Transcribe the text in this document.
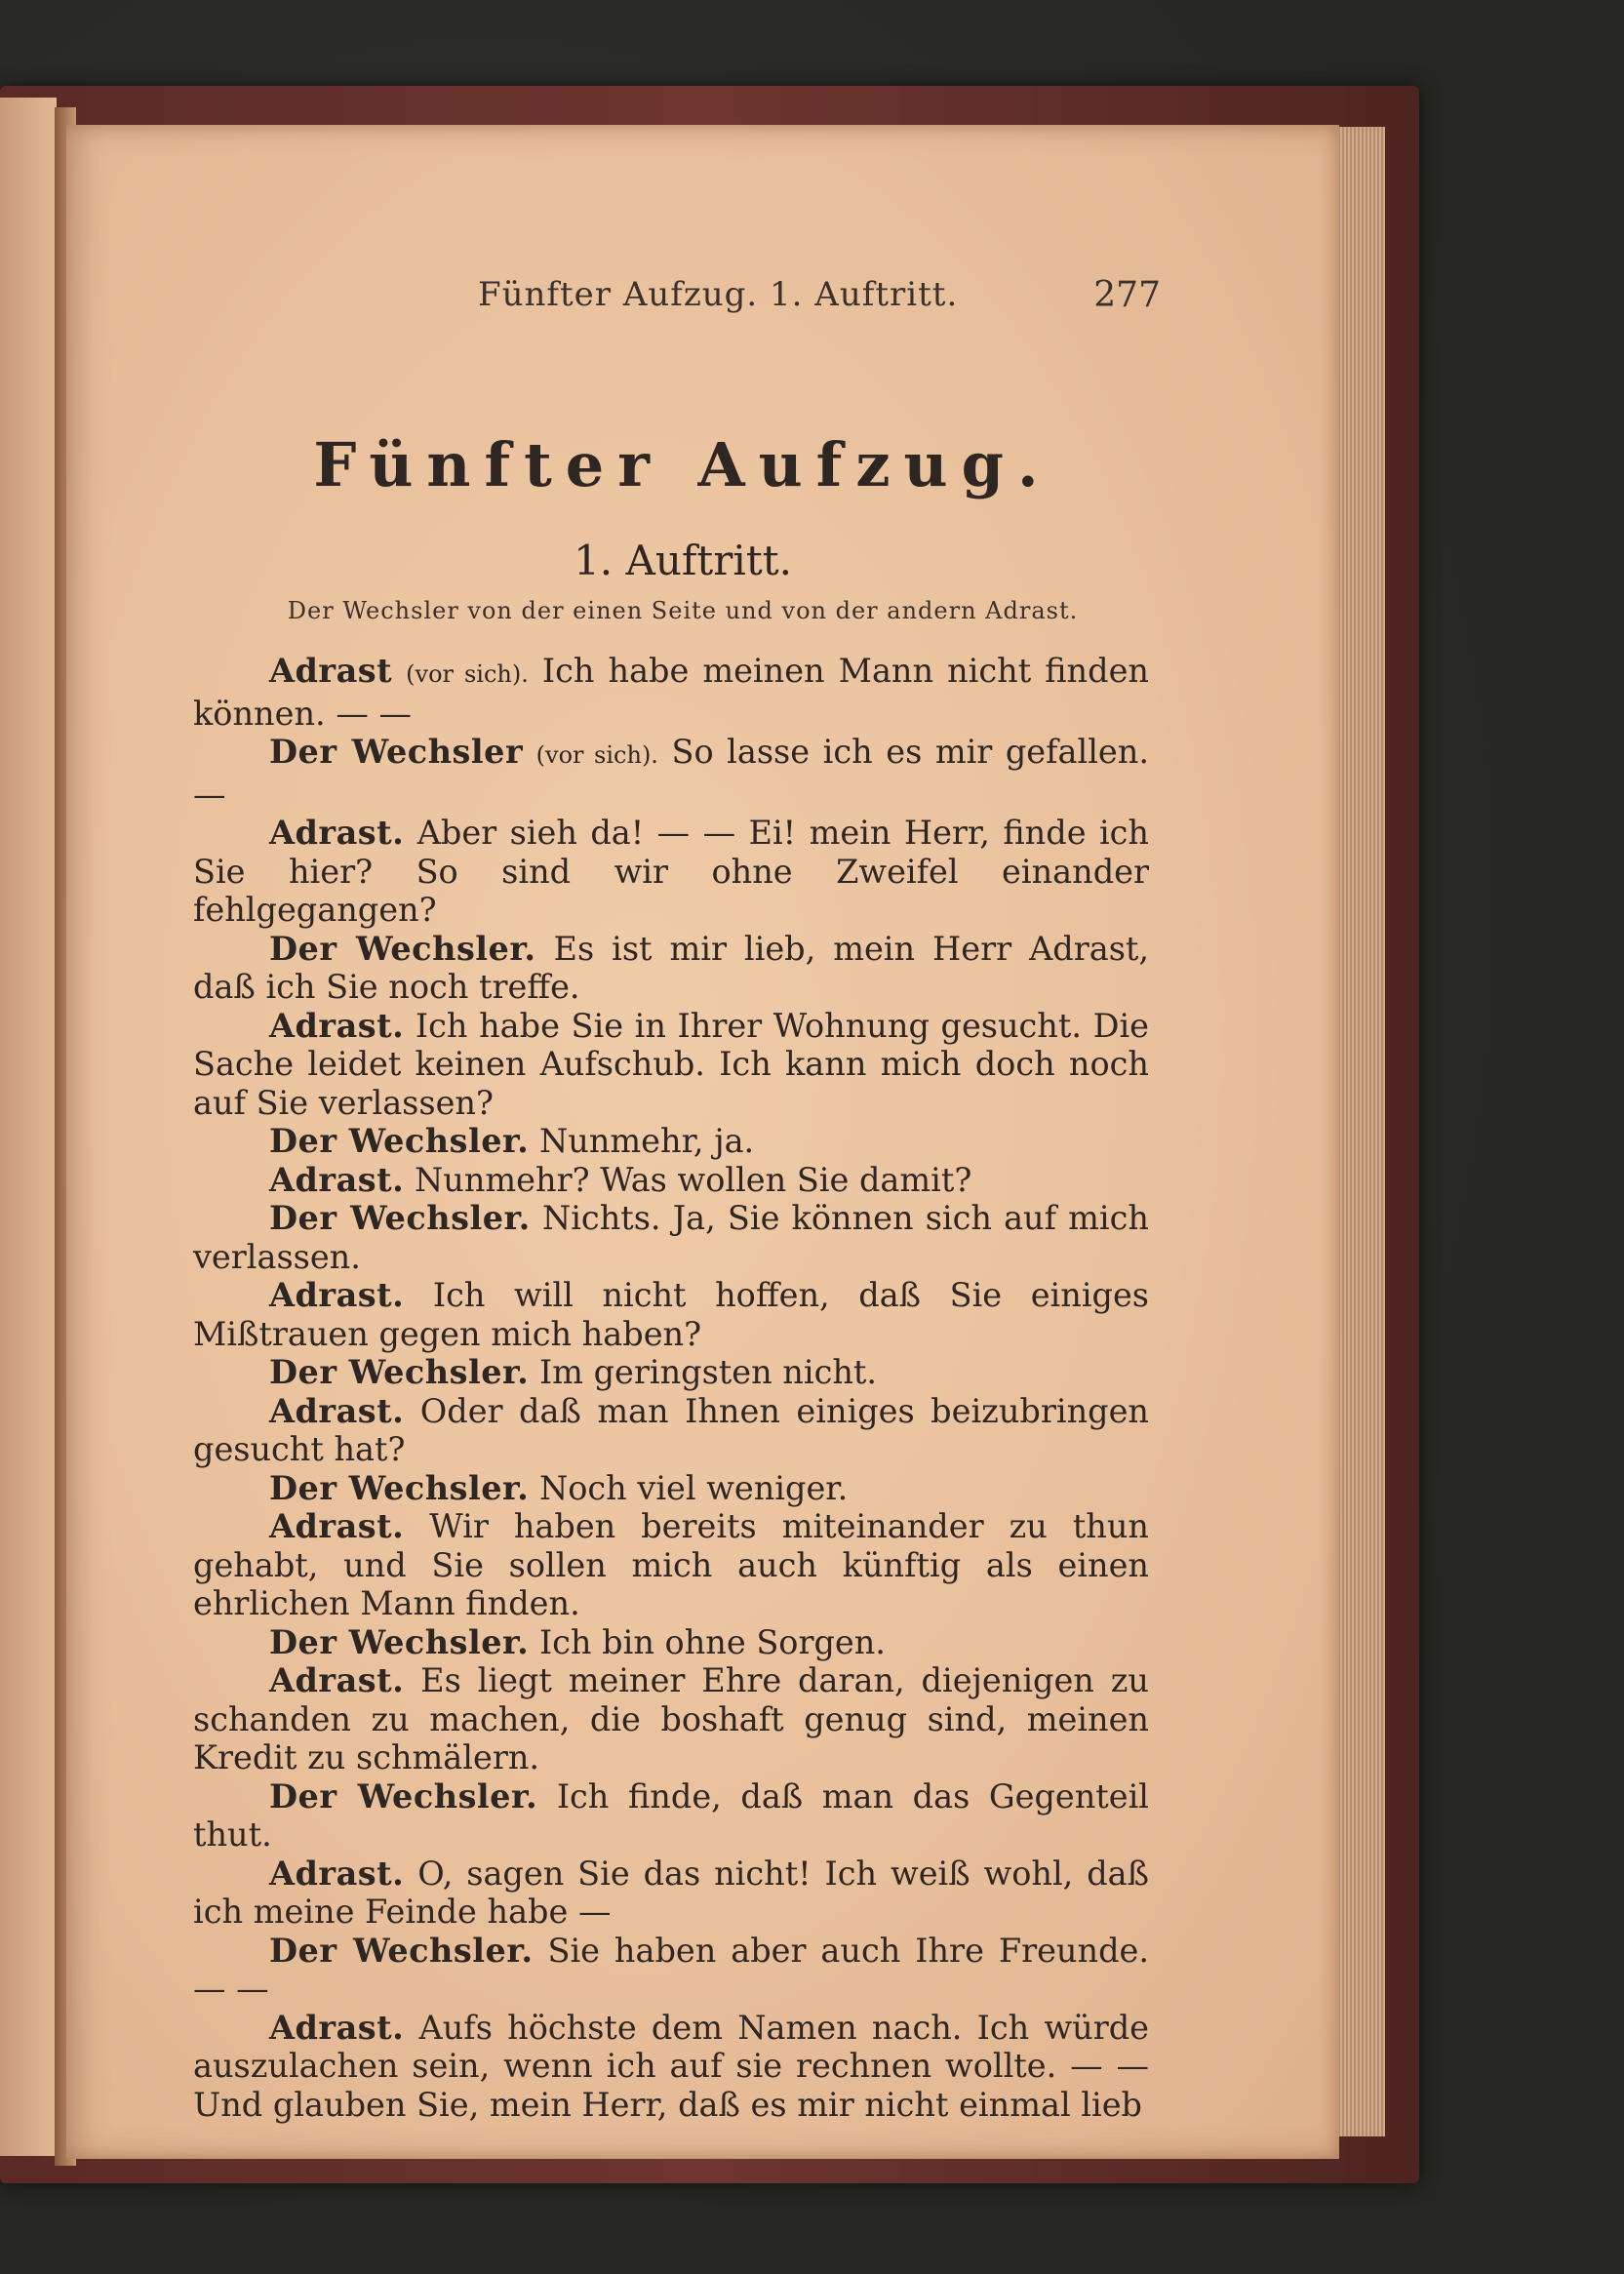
Fünfter Aufzug. 1. Auftritt.	277
Fünfter Aufzug.
1. Auftritt.
Der Wechsler von der einen Seite und von der andern Adrast.

Adrast (vor sich). Ich habe meinen Mann nicht finden können. — —

Der Wechsler (vor sich). So lasse ich es mir gefallen. —

Adrast. Aber sieh da! — — Ei! mein Herr, finde ich Sie hier? So sind wir ohne Zweifel einander fehlgegangen?

Der Wechsler. Es ist mir lieb, mein Herr Adrast, daß ich Sie noch treffe.

Adrast. Ich habe Sie in Ihrer Wohnung gesucht. Die Sache leidet keinen Aufschub. Ich kann mich doch noch auf Sie verlassen?

Der Wechsler. Nunmehr, ja.

Adrast. Nunmehr? Was wollen Sie damit?

Der Wechsler. Nichts. Ja, Sie können sich auf mich verlassen.

Adrast. Ich will nicht hoffen, daß Sie einiges Mißtrauen gegen mich haben?

Der Wechsler. Im geringsten nicht.

Adrast. Oder daß man Ihnen einiges beizubringen gesucht hat?

Der Wechsler. Noch viel weniger.

Adrast. Wir haben bereits miteinander zu thun gehabt, und Sie sollen mich auch künftig als einen ehrlichen Mann finden.

Der Wechsler. Ich bin ohne Sorgen.

Adrast. Es liegt meiner Ehre daran, diejenigen zu schanden zu machen, die boshaft genug sind, meinen Kredit zu schmälern.

Der Wechsler. Ich finde, daß man das Gegenteil thut.

Adrast. O, sagen Sie das nicht! Ich weiß wohl, daß ich meine Feinde habe —

Der Wechsler. Sie haben aber auch Ihre Freunde. — —

Adrast. Aufs höchste dem Namen nach. Ich würde auszulachen sein, wenn ich auf sie rechnen wollte. — — Und glauben Sie, mein Herr, daß es mir nicht einmal lieb
